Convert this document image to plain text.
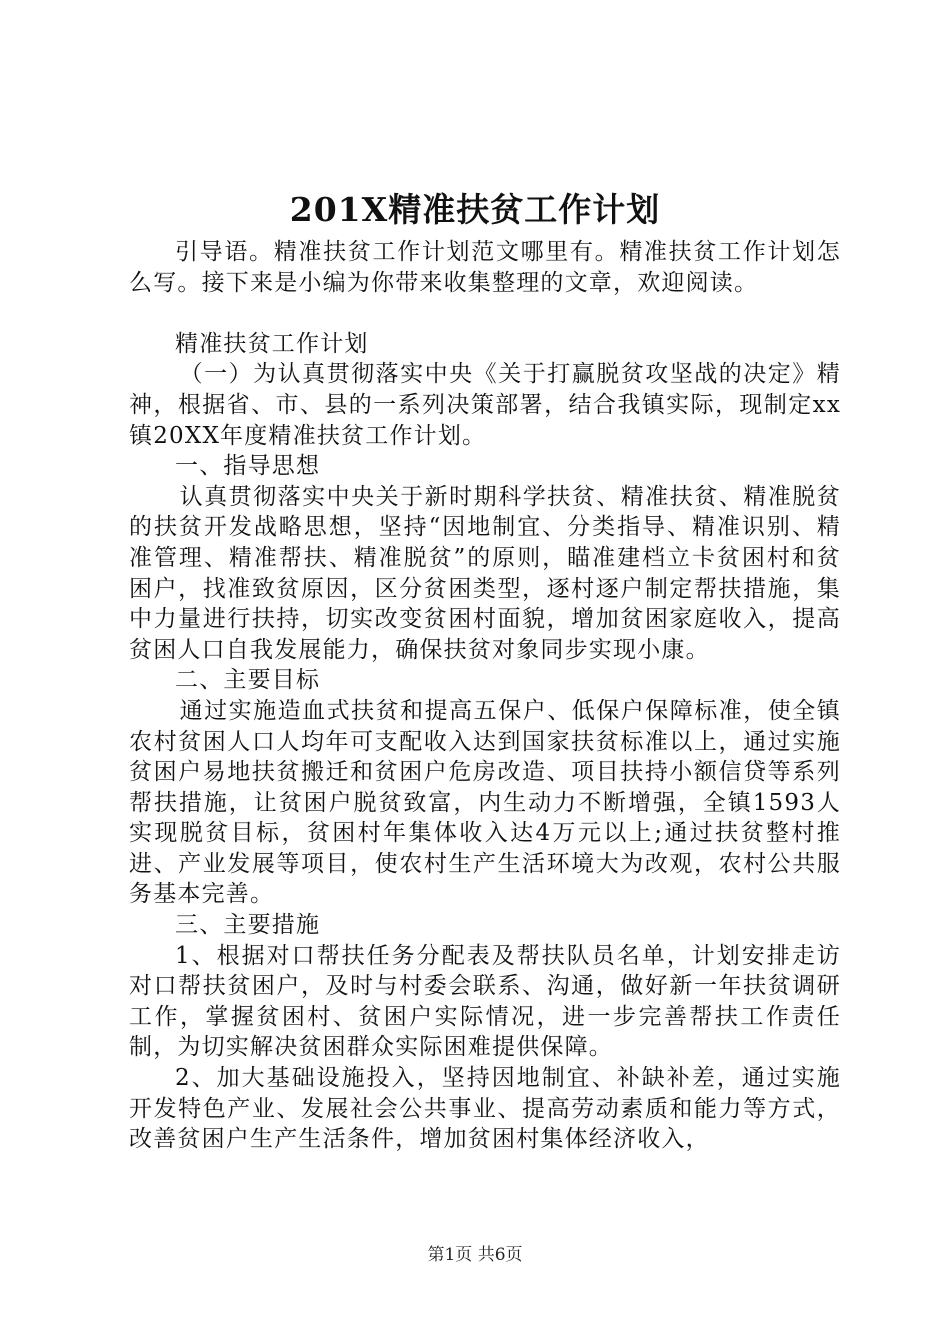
201X精准扶贫工作计划

引导语。精准扶贫工作计划范文哪里有。精准扶贫工作计划怎么写。接下来是小编为你带来收集整理的文章，欢迎阅读。

精准扶贫工作计划

（一）为认真贯彻落实中央《关于打赢脱贫攻坚战的决定》精神，根据省、市、县的一系列决策部署，结合我镇实际，现制定xx镇20XX年度精准扶贫工作计划。

一、指导思想

认真贯彻落实中央关于新时期科学扶贫、精准扶贫、精准脱贫的扶贫开发战略思想，坚持“因地制宜、分类指导、精准识别、精准管理、精准帮扶、精准脱贫”的原则，瞄准建档立卡贫困村和贫困户，找准致贫原因，区分贫困类型，逐村逐户制定帮扶措施，集中力量进行扶持，切实改变贫困村面貌，增加贫困家庭收入，提高贫困人口自我发展能力，确保扶贫对象同步实现小康。

二、主要目标

通过实施造血式扶贫和提高五保户、低保户保障标准，使全镇农村贫困人口人均年可支配收入达到国家扶贫标准以上，通过实施贫困户易地扶贫搬迁和贫困户危房改造、项目扶持小额信贷等系列帮扶措施，让贫困户脱贫致富，内生动力不断增强，全镇1593人实现脱贫目标，贫困村年集体收入达4万元以上;通过扶贫整村推进、产业发展等项目，使农村生产生活环境大为改观，农村公共服务基本完善。

三、主要措施

1、根据对口帮扶任务分配表及帮扶队员名单，计划安排走访对口帮扶贫困户，及时与村委会联系、沟通，做好新一年扶贫调研工作，掌握贫困村、贫困户实际情况，进一步完善帮扶工作责任制，为切实解决贫困群众实际困难提供保障。

2、加大基础设施投入，坚持因地制宜、补缺补差，通过实施开发特色产业、发展社会公共事业、提高劳动素质和能力等方式，改善贫困户生产生活条件，增加贫困村集体经济收入，

第1页 共6页
